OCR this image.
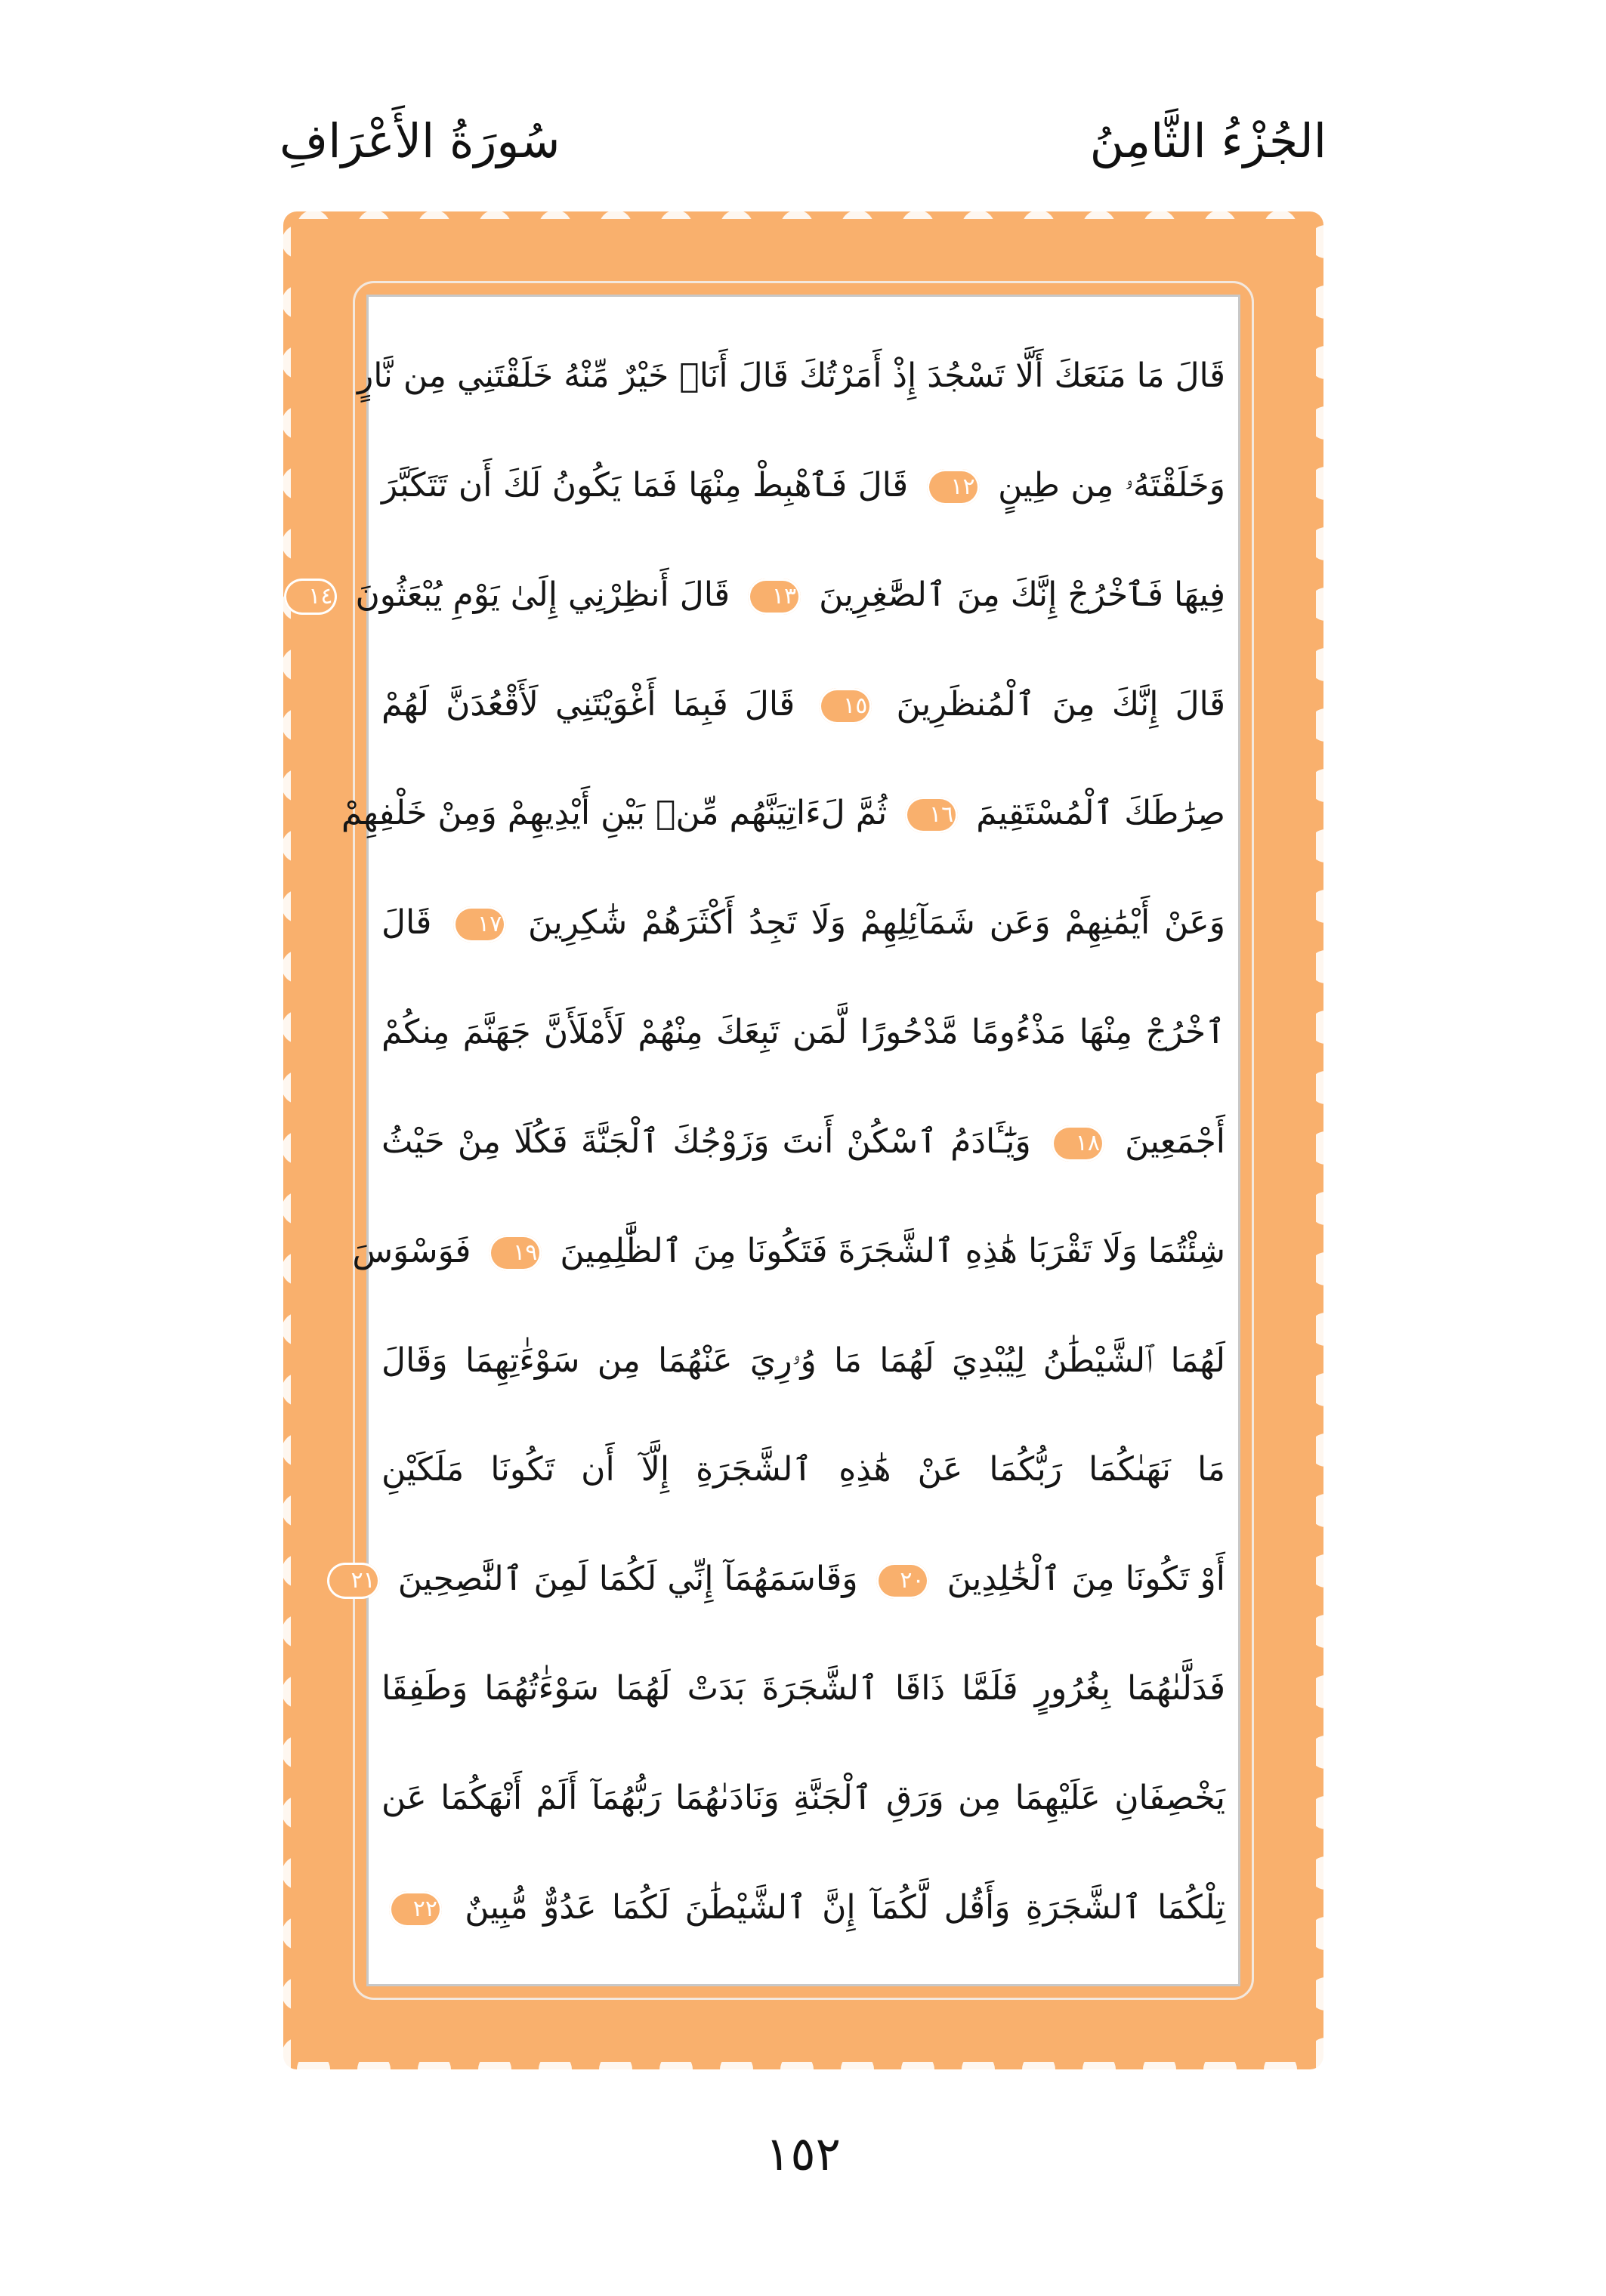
الجُزْءُ الثَّامِنُ
سُورَةُ الأَعْرَافِ
قَالَ مَا مَنَعَكَ أَلَّا تَسْجُدَ إِذْ أَمَرْتُكَ قَالَ أَنَا۠ خَيْرٌ مِّنْهُ خَلَقْتَنِي مِن نَّارٍ
وَخَلَقْتَهُۥ مِن طِينٍ ١٢ قَالَ فَٱهْبِطْ مِنْهَا فَمَا يَكُونُ لَكَ أَن تَتَكَبَّرَ
فِيهَا فَٱخْرُجْ إِنَّكَ مِنَ ٱلصَّٰغِرِينَ ١٣ قَالَ أَنظِرْنِي إِلَىٰ يَوْمِ يُبْعَثُونَ ١٤
قَالَ إِنَّكَ مِنَ ٱلْمُنظَرِينَ ١٥ قَالَ فَبِمَا أَغْوَيْتَنِي لَأَقْعُدَنَّ لَهُمْ
صِرَٰطَكَ ٱلْمُسْتَقِيمَ ١٦ ثُمَّ لَءَاتِيَنَّهُم مِّنۢ بَيْنِ أَيْدِيهِمْ وَمِنْ خَلْفِهِمْ
وَعَنْ أَيْمَٰنِهِمْ وَعَن شَمَآئِلِهِمْ وَلَا تَجِدُ أَكْثَرَهُمْ شَٰكِرِينَ ١٧ قَالَ
ٱخْرُجْ مِنْهَا مَذْءُومًا مَّدْحُورًا لَّمَن تَبِعَكَ مِنْهُمْ لَأَمْلَأَنَّ جَهَنَّمَ مِنكُمْ
أَجْمَعِينَ ١٨ وَيَٰٓـَٔادَمُ ٱسْكُنْ أَنتَ وَزَوْجُكَ ٱلْجَنَّةَ فَكُلَا مِنْ حَيْثُ
شِئْتُمَا وَلَا تَقْرَبَا هَٰذِهِ ٱلشَّجَرَةَ فَتَكُونَا مِنَ ٱلظَّٰلِمِينَ ١٩ فَوَسْوَسَ
لَهُمَا ٱلشَّيْطَٰنُ لِيُبْدِيَ لَهُمَا مَا وُۥرِيَ عَنْهُمَا مِن سَوْءَٰتِهِمَا وَقَالَ
مَا نَهَىٰكُمَا رَبُّكُمَا عَنْ هَٰذِهِ ٱلشَّجَرَةِ إِلَّآ أَن تَكُونَا مَلَكَيْنِ
أَوْ تَكُونَا مِنَ ٱلْخَٰلِدِينَ ٢٠ وَقَاسَمَهُمَآ إِنِّي لَكُمَا لَمِنَ ٱلنَّٰصِحِينَ ٢١
فَدَلَّىٰهُمَا بِغُرُورٍ فَلَمَّا ذَاقَا ٱلشَّجَرَةَ بَدَتْ لَهُمَا سَوْءَٰتُهُمَا وَطَفِقَا
يَخْصِفَانِ عَلَيْهِمَا مِن وَرَقِ ٱلْجَنَّةِ وَنَادَىٰهُمَا رَبُّهُمَآ أَلَمْ أَنْهَكُمَا عَن
تِلْكُمَا ٱلشَّجَرَةِ وَأَقُل لَّكُمَآ إِنَّ ٱلشَّيْطَٰنَ لَكُمَا عَدُوٌّ مُّبِينٌ ٢٢
١٥٢
